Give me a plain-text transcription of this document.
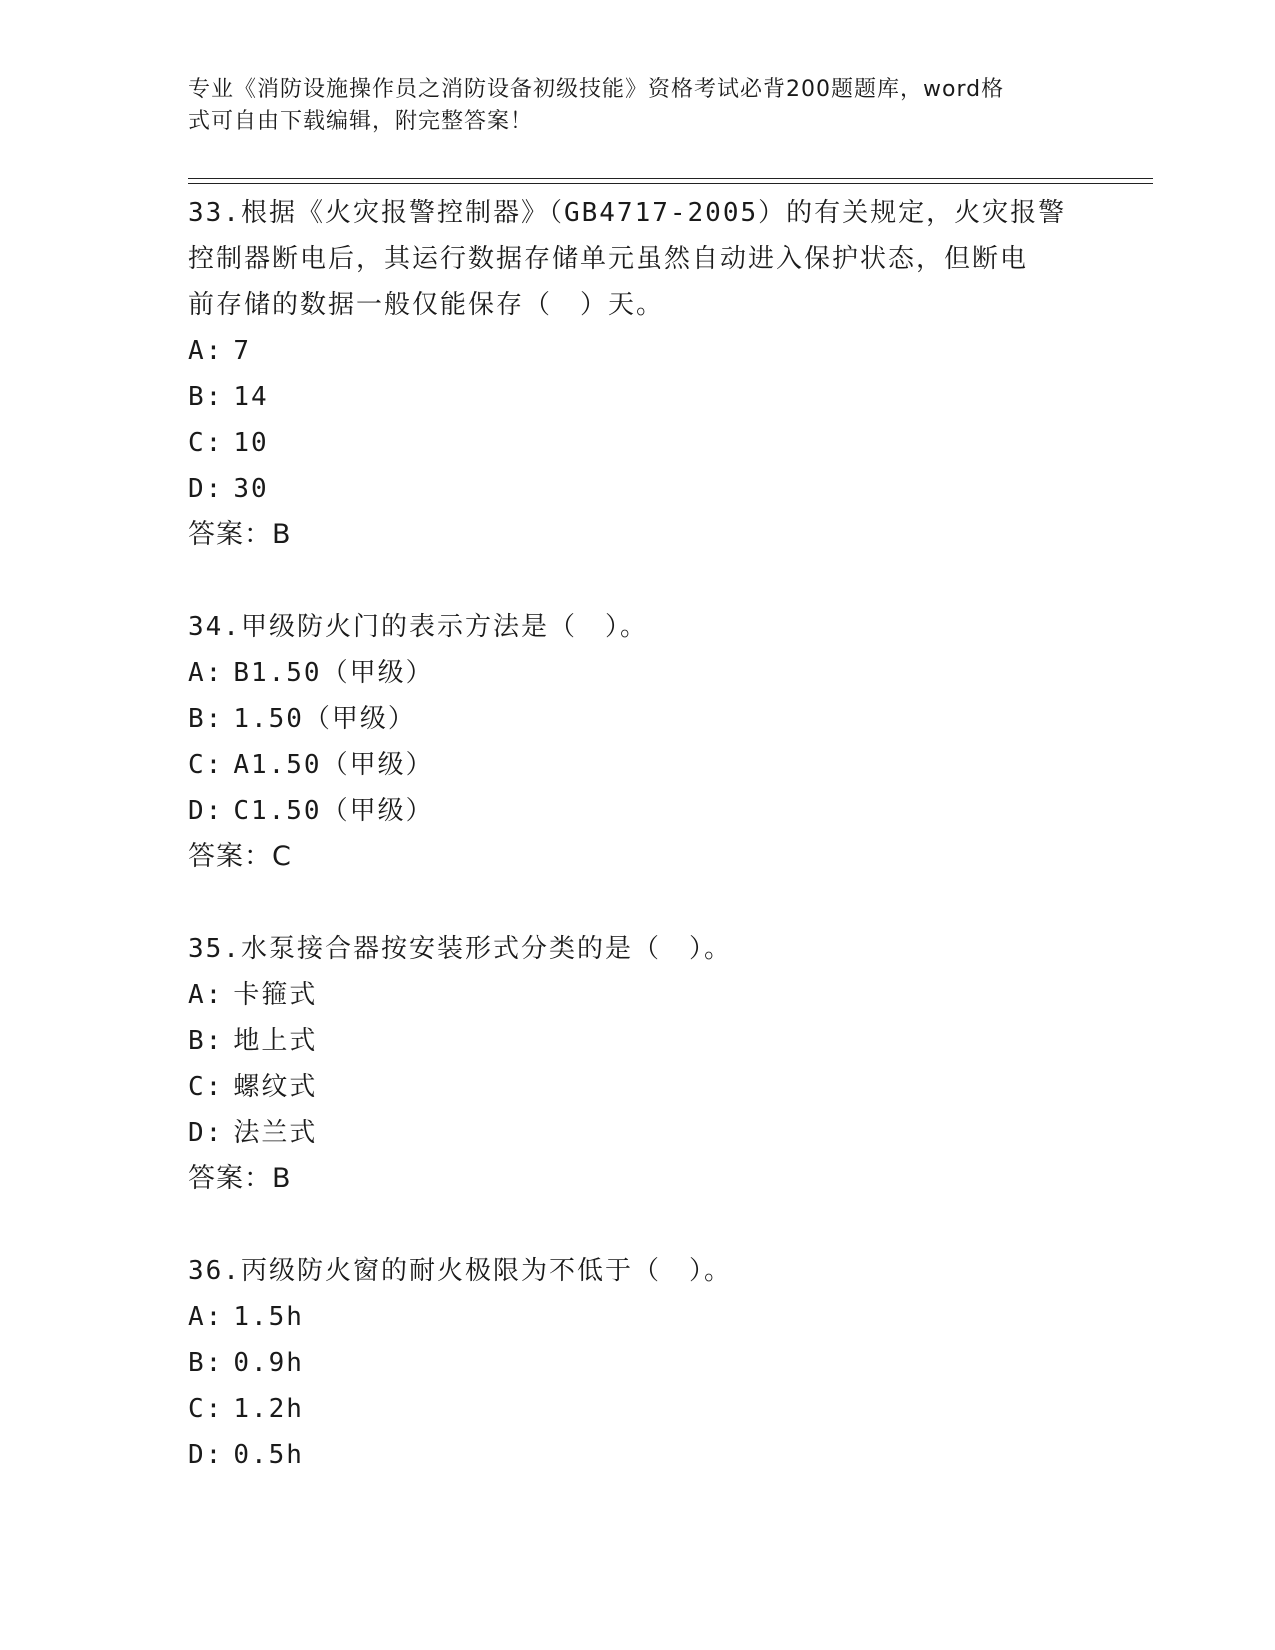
专业《消防设施操作员之消防设备初级技能》资格考试必背200题题库，word格
式可自由下载编辑，附完整答案！
33.根据《火灾报警控制器》（GB4717-2005）的有关规定，火灾报警
控制器断电后，其运行数据存储单元虽然自动进入保护状态，但断电
前存储的数据一般仅能保存（　）天。
A: 7
B: 14
C: 10
D: 30
答案：B
34.甲级防火门的表示方法是（　）。
A: B1.50（甲级）
B: 1.50（甲级）
C: A1.50（甲级）
D: C1.50（甲级）
答案：C
35.水泵接合器按安装形式分类的是（　）。
A: 卡箍式
B: 地上式
C: 螺纹式
D: 法兰式
答案：B
36.丙级防火窗的耐火极限为不低于（　）。
A: 1.5h
B: 0.9h
C: 1.2h
D: 0.5h
